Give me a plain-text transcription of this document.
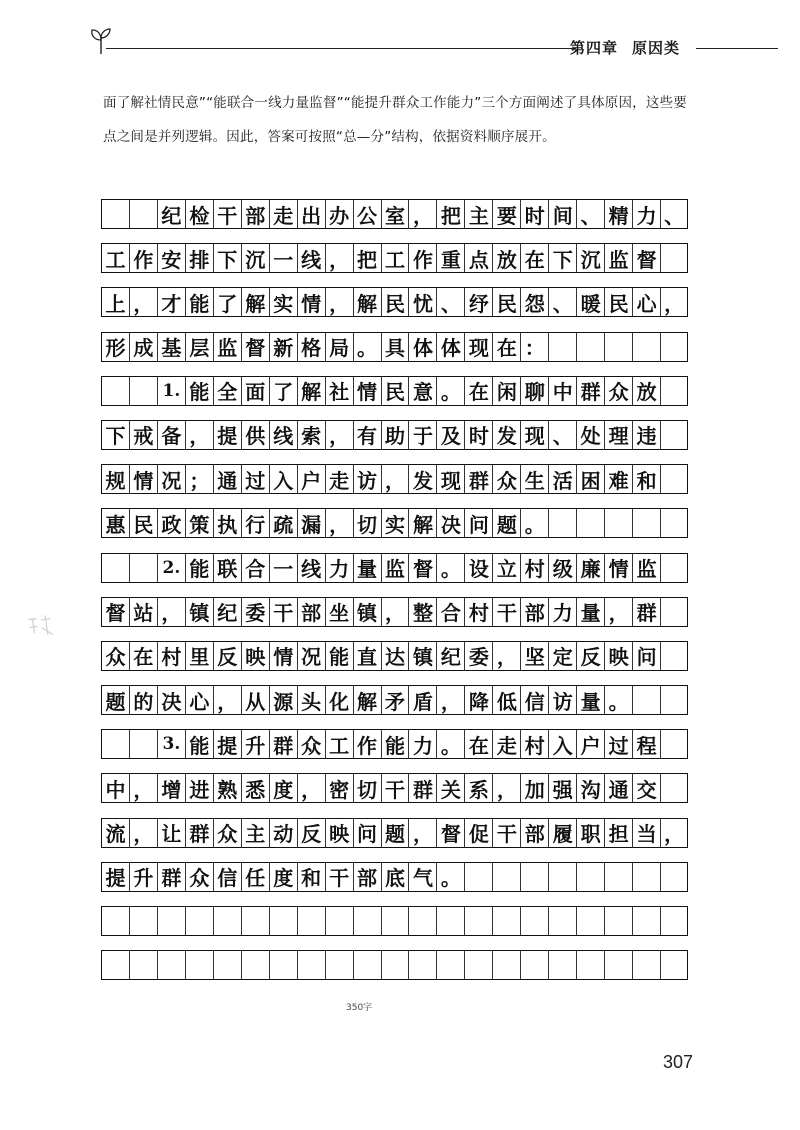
第四章 原因类
面了解社情民意”“能联合一线力量监督”“能提升群众工作能力”三个方面阐述了具体原因，这些要点之间是并列逻辑。因此，答案可按照“总—分”结构，依据资料顺序展开。
纪 检 干 部 走 出 办 公 室 ， 把 主 要 时 间 、 精 力 、
工 作 安 排 下 沉 一 线 ， 把 工 作 重 点 放 在 下 沉 监 督
上 ， 才 能 了 解 实 情 ， 解 民 忧 、 纾 民 怨 、 暖 民 心 ，
形 成 基 层 监 督 新 格 局 。 具 体 体 现 在 ：
1. 能 全 面 了 解 社 情 民 意 。 在 闲 聊 中 群 众 放
下 戒 备 ， 提 供 线 索 ， 有 助 于 及 时 发 现 、 处 理 违
规 情 况 ； 通 过 入 户 走 访 ， 发 现 群 众 生 活 困 难 和
惠 民 政 策 执 行 疏 漏 ， 切 实 解 决 问 题 。
2. 能 联 合 一 线 力 量 监 督 。 设 立 村 级 廉 情 监
督 站 ， 镇 纪 委 干 部 坐 镇 ， 整 合 村 干 部 力 量 ， 群
众 在 村 里 反 映 情 况 能 直 达 镇 纪 委 ， 坚 定 反 映 问
题 的 决 心 ， 从 源 头 化 解 矛 盾 ， 降 低 信 访 量 。
3. 能 提 升 群 众 工 作 能 力 。 在 走 村 入 户 过 程
中 ， 增 进 熟 悉 度 ， 密 切 干 群 关 系 ， 加 强 沟 通 交
流 ， 让 群 众 主 动 反 映 问 题 ， 督 促 干 部 履 职 担 当 ，
提 升 群 众 信 任 度 和 干 部 底 气 。
350字
307
